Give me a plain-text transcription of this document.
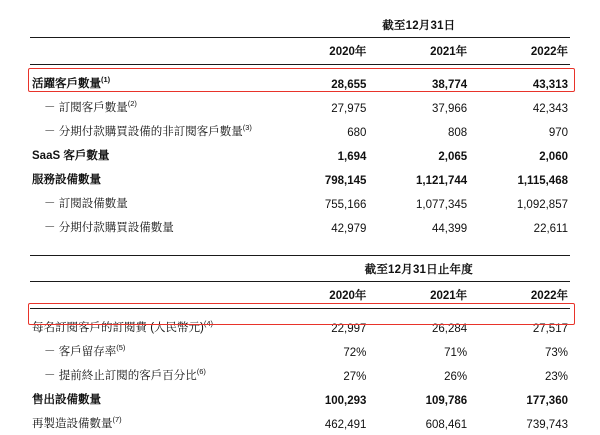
	截至12月31日		
	2020年	2021年	2022年

活躍客戶數量$^{(1)}$	28,655	38,774	43,313
－ 訂閱客戶數量$^{(2)}$	27,975	37,966	42,343
－ 分期付款購買設備的非訂閱客戶數量$^{(3)}$	680	808	970
SaaS 客戶數量	1,694	2,065	2,060
服務設備數量	798,145	1,121,744	1,115,468
－ 訂閱設備數量	755,166	1,077,345	1,092,857
－ 分期付款購買設備數量	42,979	44,399	22,611

	截至12月31日止年度		
	2020年	2021年	2022年

每名訂閱客戶的訂閱費 (人民幣元)$^{(4)}$	22,997	26,284	27,517
－ 客戶留存率$^{(5)}$	72%	71%	73%
－ 提前終止訂閱的客戶百分比$^{(6)}$	27%	26%	23%
售出設備數量	100,293	109,786	177,360
再製造設備數量$^{(7)}$	462,491	608,461	739,743
